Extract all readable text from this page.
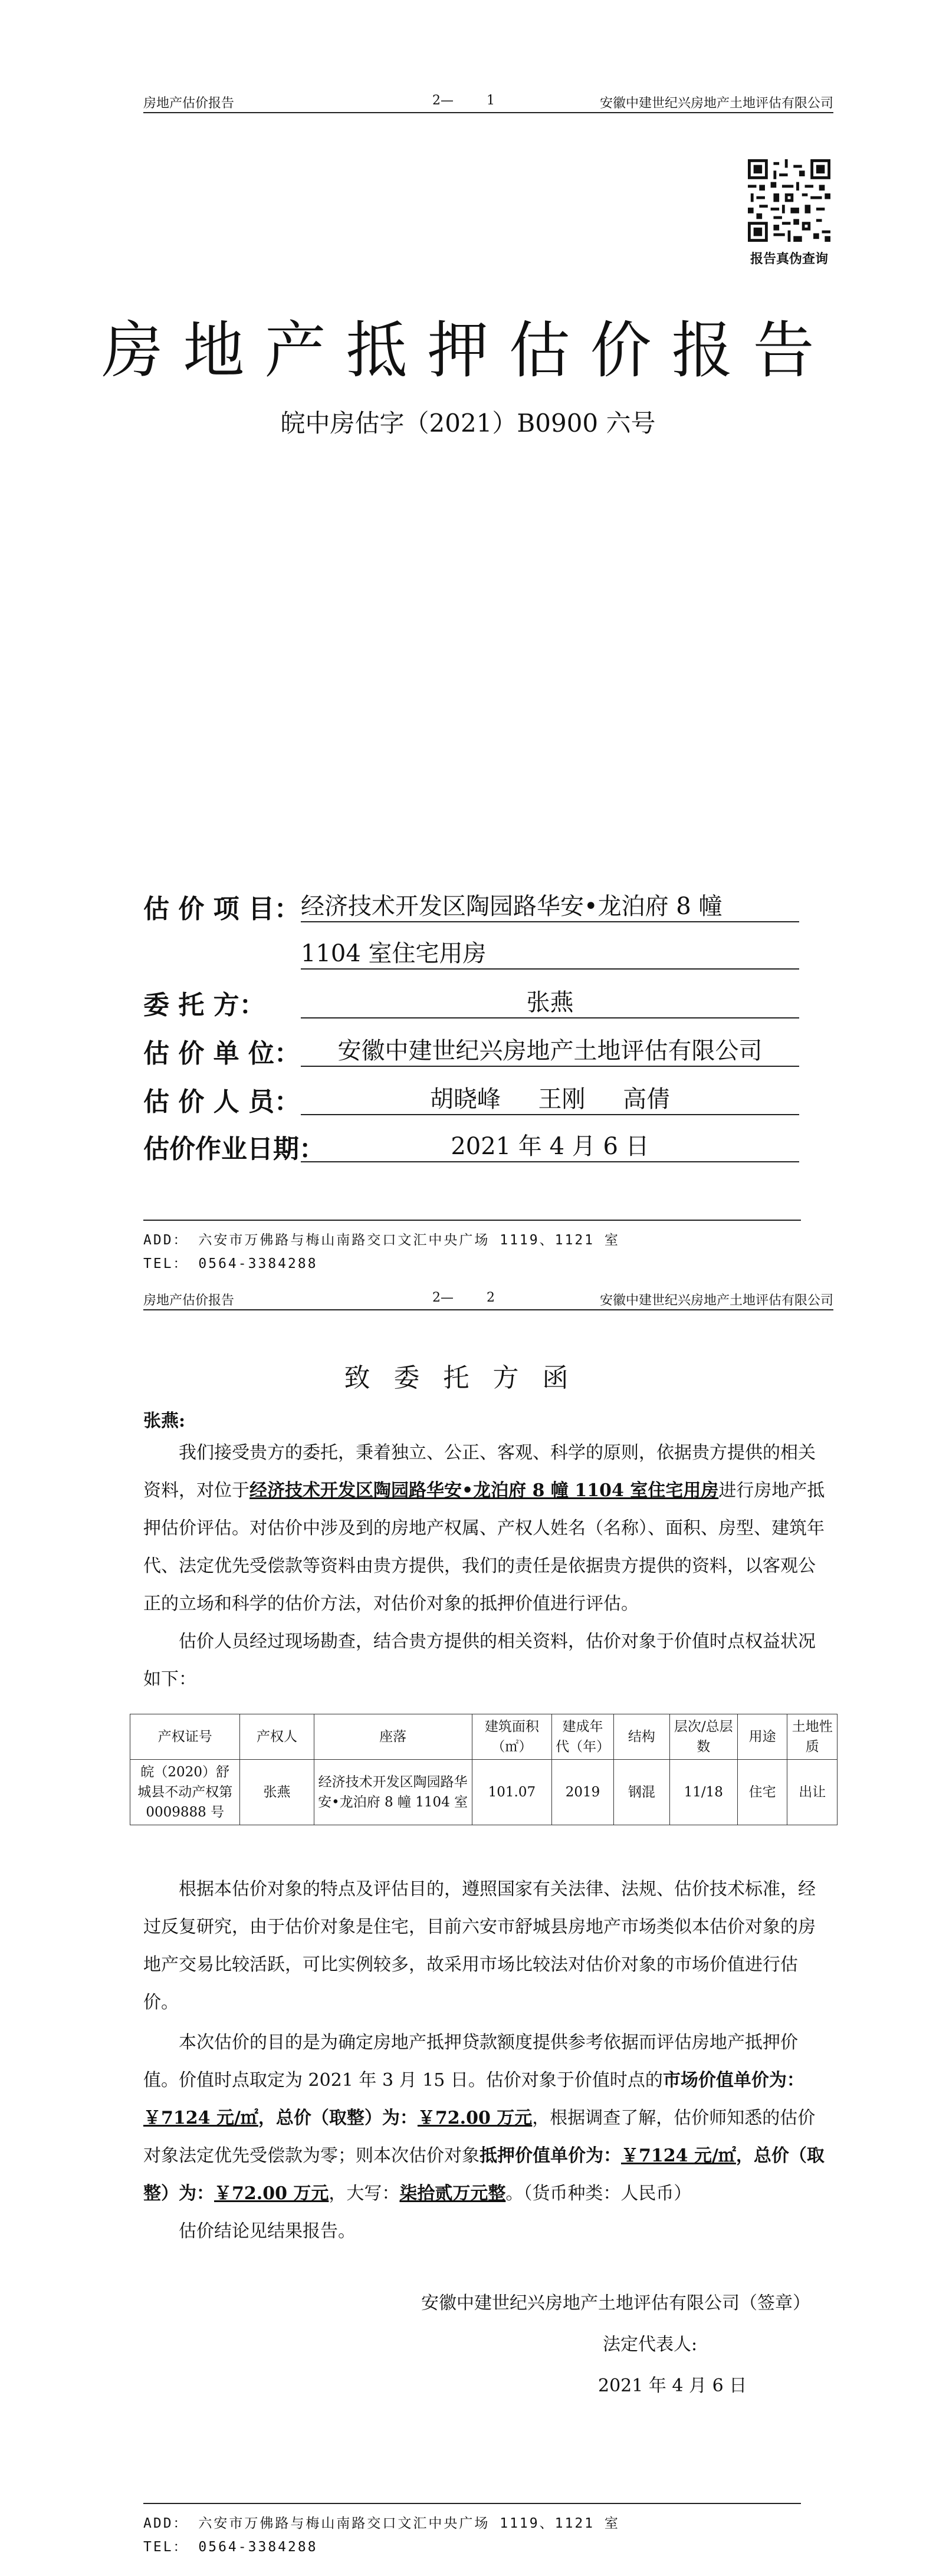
房地产估价报告	2—        1	安徽中建世纪兴房地产土地评估有限公司
报告真伪查询
房地产抵押估价报告
皖中房估字（2021）B0900 六号
估 价 项 目： 经济技术开发区陶园路华安•龙泊府 8 幢
1104 室住宅用房
委 托 方：	张燕
估 价 单 位：	安徽中建世纪兴房地产土地评估有限公司
估 价 人 员：	胡晓峰     王刚     高倩
估价作业日期：	2021 年 4 月 6 日
ADD： 六安市万佛路与梅山南路交口文汇中央广场 1119、1121 室
TEL： 0564-3384288
房地产估价报告	2—        2	安徽中建世纪兴房地产土地评估有限公司
致委托方函
张燕:
我们接受贵方的委托，秉着独立、公正、客观、科学的原则，依据贵方提供的相关资料，对位于经济技术开发区陶园路华安•龙泊府 8 幢 1104 室住宅用房进行房地产抵押估价评估。对估价中涉及到的房地产权属、产权人姓名（名称）、面积、房型、建筑年代、法定优先受偿款等资料由贵方提供，我们的责任是依据贵方提供的资料，以客观公正的立场和科学的估价方法，对估价对象的抵押价值进行评估。
估价人员经过现场勘查，结合贵方提供的相关资料，估价对象于价值时点权益状况如下：
产权证号	产权人	座落	建筑面积（㎡）	建成年代（年）	结构	层次/总层数	用途	土地性质
皖（2020）舒城县不动产权第 0009888 号	张燕	经济技术开发区陶园路华安•龙泊府 8 幢 1104 室	101.07	2019	钢混	11/18	住宅	出让
根据本估价对象的特点及评估目的，遵照国家有关法律、法规、估价技术标准，经过反复研究，由于估价对象是住宅，目前六安市舒城县房地产市场类似本估价对象的房地产交易比较活跃，可比实例较多，故采用市场比较法对估价对象的市场价值进行估价。
本次估价的目的是为确定房地产抵押贷款额度提供参考依据而评估房地产抵押价值。价值时点取定为 2021 年 3 月 15 日。估价对象于价值时点的市场价值单价为：￥7124 元/㎡，总价（取整）为：￥72.00 万元，根据调查了解，估价师知悉的估价对象法定优先受偿款为零；则本次估价对象抵押价值单价为：￥7124 元/㎡，总价（取整）为：￥72.00 万元，大写：柒拾贰万元整。（货币种类：人民币）
估价结论见结果报告。
安徽中建世纪兴房地产土地评估有限公司（签章）
法定代表人:
2021 年 4 月 6 日
ADD： 六安市万佛路与梅山南路交口文汇中央广场 1119、1121 室
TEL： 0564-3384288
